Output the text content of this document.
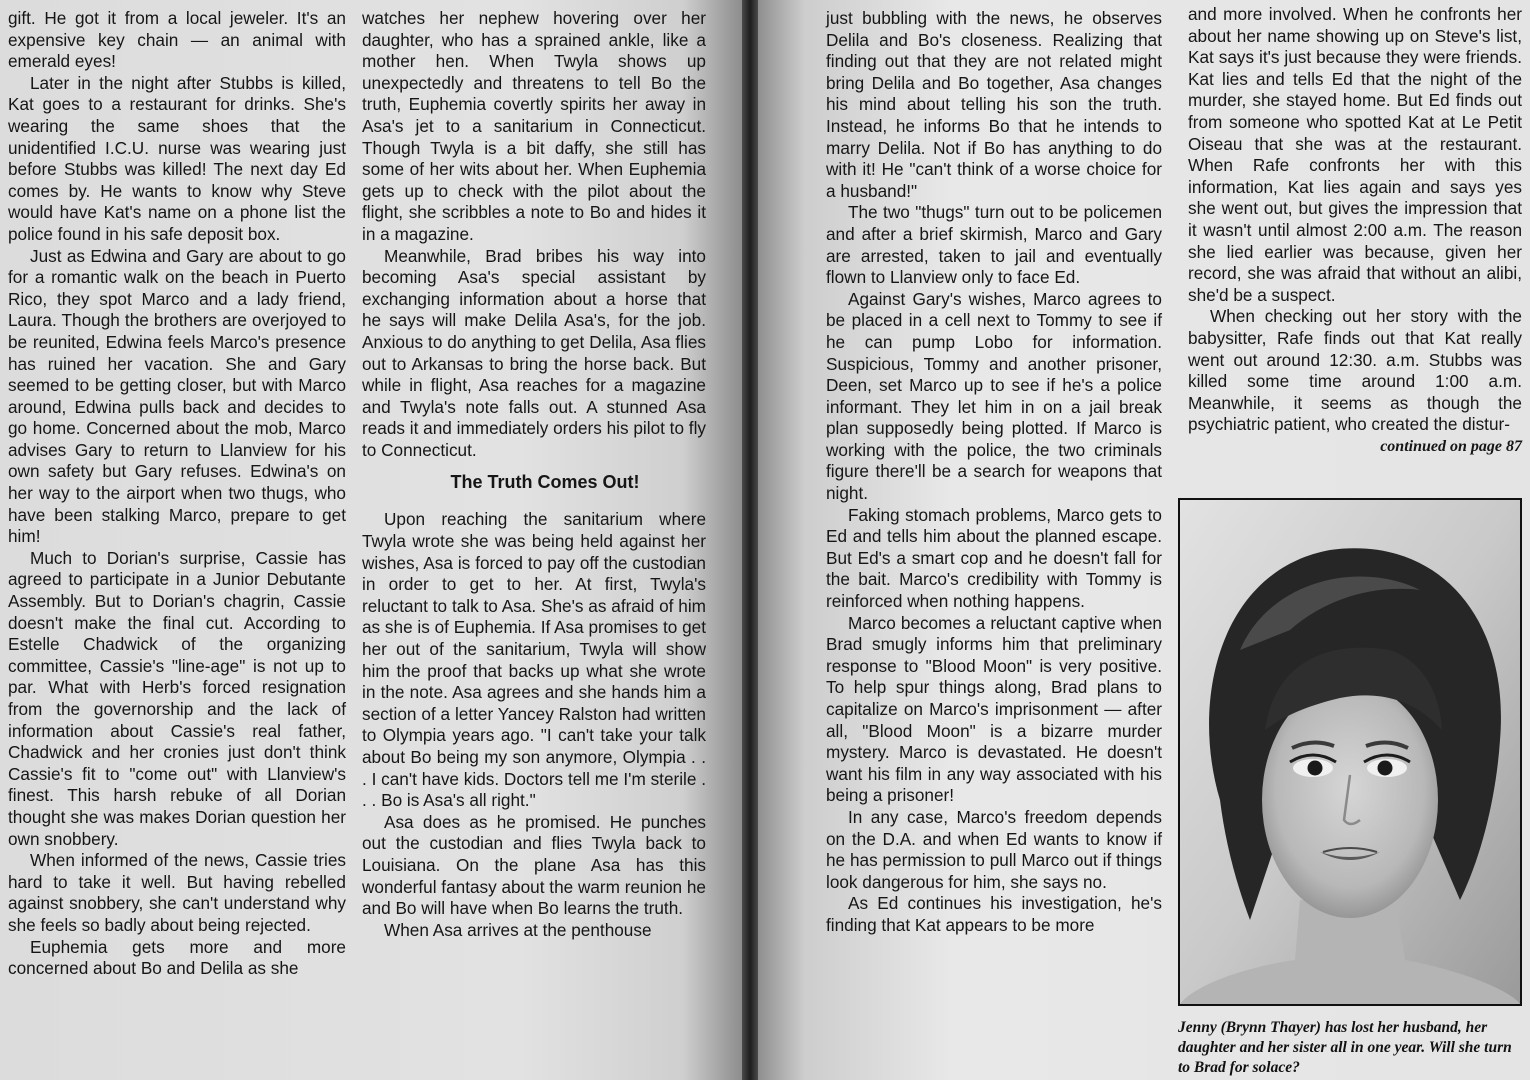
gift. He got it from a local jeweler. It's an expensive key chain — an animal with emerald eyes!

Later in the night after Stubbs is killed, Kat goes to a restaurant for drinks. She's wearing the same shoes that the unidentified I.C.U. nurse was wearing just before Stubbs was killed! The next day Ed comes by. He wants to know why Steve would have Kat's name on a phone list the police found in his safe deposit box.

Just as Edwina and Gary are about to go for a romantic walk on the beach in Puerto Rico, they spot Marco and a lady friend, Laura. Though the brothers are overjoyed to be reunited, Edwina feels Marco's presence has ruined her vacation. She and Gary seemed to be getting closer, but with Marco around, Edwina pulls back and decides to go home. Concerned about the mob, Marco advises Gary to return to Llanview for his own safety but Gary refuses. Edwina's on her way to the airport when two thugs, who have been stalking Marco, prepare to get him!

Much to Dorian's surprise, Cassie has agreed to participate in a Junior Debutante Assembly. But to Dorian's chagrin, Cassie doesn't make the final cut. According to Estelle Chadwick of the organizing committee, Cassie's "line-age" is not up to par. What with Herb's forced resignation from the governorship and the lack of information about Cassie's real father, Chadwick and her cronies just don't think Cassie's fit to "come out" with Llanview's finest. This harsh rebuke of all Dorian thought she was makes Dorian question her own snobbery.

When informed of the news, Cassie tries hard to take it well. But having rebelled against snobbery, she can't understand why she feels so badly about being rejected.

Euphemia gets more and more concerned about Bo and Delila as she

watches her nephew hovering over her daughter, who has a sprained ankle, like a mother hen. When Twyla shows up unexpectedly and threatens to tell Bo the truth, Euphemia covertly spirits her away in Asa's jet to a sanitarium in Connecticut. Though Twyla is a bit daffy, she still has some of her wits about her. When Euphemia gets up to check with the pilot about the flight, she scribbles a note to Bo and hides it in a magazine.

Meanwhile, Brad bribes his way into becoming Asa's special assistant by exchanging information about a horse that he says will make Delila Asa's, for the job. Anxious to do anything to get Delila, Asa flies out to Arkansas to bring the horse back. But while in flight, Asa reaches for a magazine and Twyla's note falls out. A stunned Asa reads it and immediately orders his pilot to fly to Connecticut.

The Truth Comes Out!

Upon reaching the sanitarium where Twyla wrote she was being held against her wishes, Asa is forced to pay off the custodian in order to get to her. At first, Twyla's reluctant to talk to Asa. She's as afraid of him as she is of Euphemia. If Asa promises to get her out of the sanitarium, Twyla will show him the proof that backs up what she wrote in the note. Asa agrees and she hands him a section of a letter Yancey Ralston had written to Olympia years ago. "I can't take your talk about Bo being my son anymore, Olympia . . . I can't have kids. Doctors tell me I'm sterile . . . Bo is Asa's all right."

Asa does as he promised. He punches out the custodian and flies Twyla back to Louisiana. On the plane Asa has this wonderful fantasy about the warm reunion he and Bo will have when Bo learns the truth.

When Asa arrives at the penthouse

just bubbling with the news, he observes Delila and Bo's closeness. Realizing that finding out that they are not related might bring Delila and Bo together, Asa changes his mind about telling his son the truth. Instead, he informs Bo that he intends to marry Delila. Not if Bo has anything to do with it! He "can't think of a worse choice for a husband!"

The two "thugs" turn out to be policemen and after a brief skirmish, Marco and Gary are arrested, taken to jail and eventually flown to Llanview only to face Ed.

Against Gary's wishes, Marco agrees to be placed in a cell next to Tommy to see if he can pump Lobo for information. Suspicious, Tommy and another prisoner, Deen, set Marco up to see if he's a police informant. They let him in on a jail break plan supposedly being plotted. If Marco is working with the police, the two criminals figure there'll be a search for weapons that night.

Faking stomach problems, Marco gets to Ed and tells him about the planned escape. But Ed's a smart cop and he doesn't fall for the bait. Marco's credibility with Tommy is reinforced when nothing happens.

Marco becomes a reluctant captive when Brad smugly informs him that preliminary response to "Blood Moon" is very positive. To help spur things along, Brad plans to capitalize on Marco's imprisonment — after all, "Blood Moon" is a bizarre murder mystery. Marco is devastated. He doesn't want his film in any way associated with his being a prisoner!

In any case, Marco's freedom depends on the D.A. and when Ed wants to know if he has permission to pull Marco out if things look dangerous for him, she says no.

As Ed continues his investigation, he's finding that Kat appears to be more

and more involved. When he confronts her about her name showing up on Steve's list, Kat says it's just because they were friends. Kat lies and tells Ed that the night of the murder, she stayed home. But Ed finds out from someone who spotted Kat at Le Petit Oiseau that she was at the restaurant. When Rafe confronts her with this information, Kat lies again and says yes she went out, but gives the impression that it wasn't until almost 2:00 a.m. The reason she lied earlier was because, given her record, she was afraid that without an alibi, she'd be a suspect.

When checking out her story with the babysitter, Rafe finds out that Kat really went out around 12:30. a.m. Stubbs was killed some time around 1:00 a.m. Meanwhile, it seems as though the psychiatric patient, who created the distur-

continued on page 87

Jenny (Brynn Thayer) has lost her husband, her daughter and her sister all in one year. Will she turn to Brad for solace?
